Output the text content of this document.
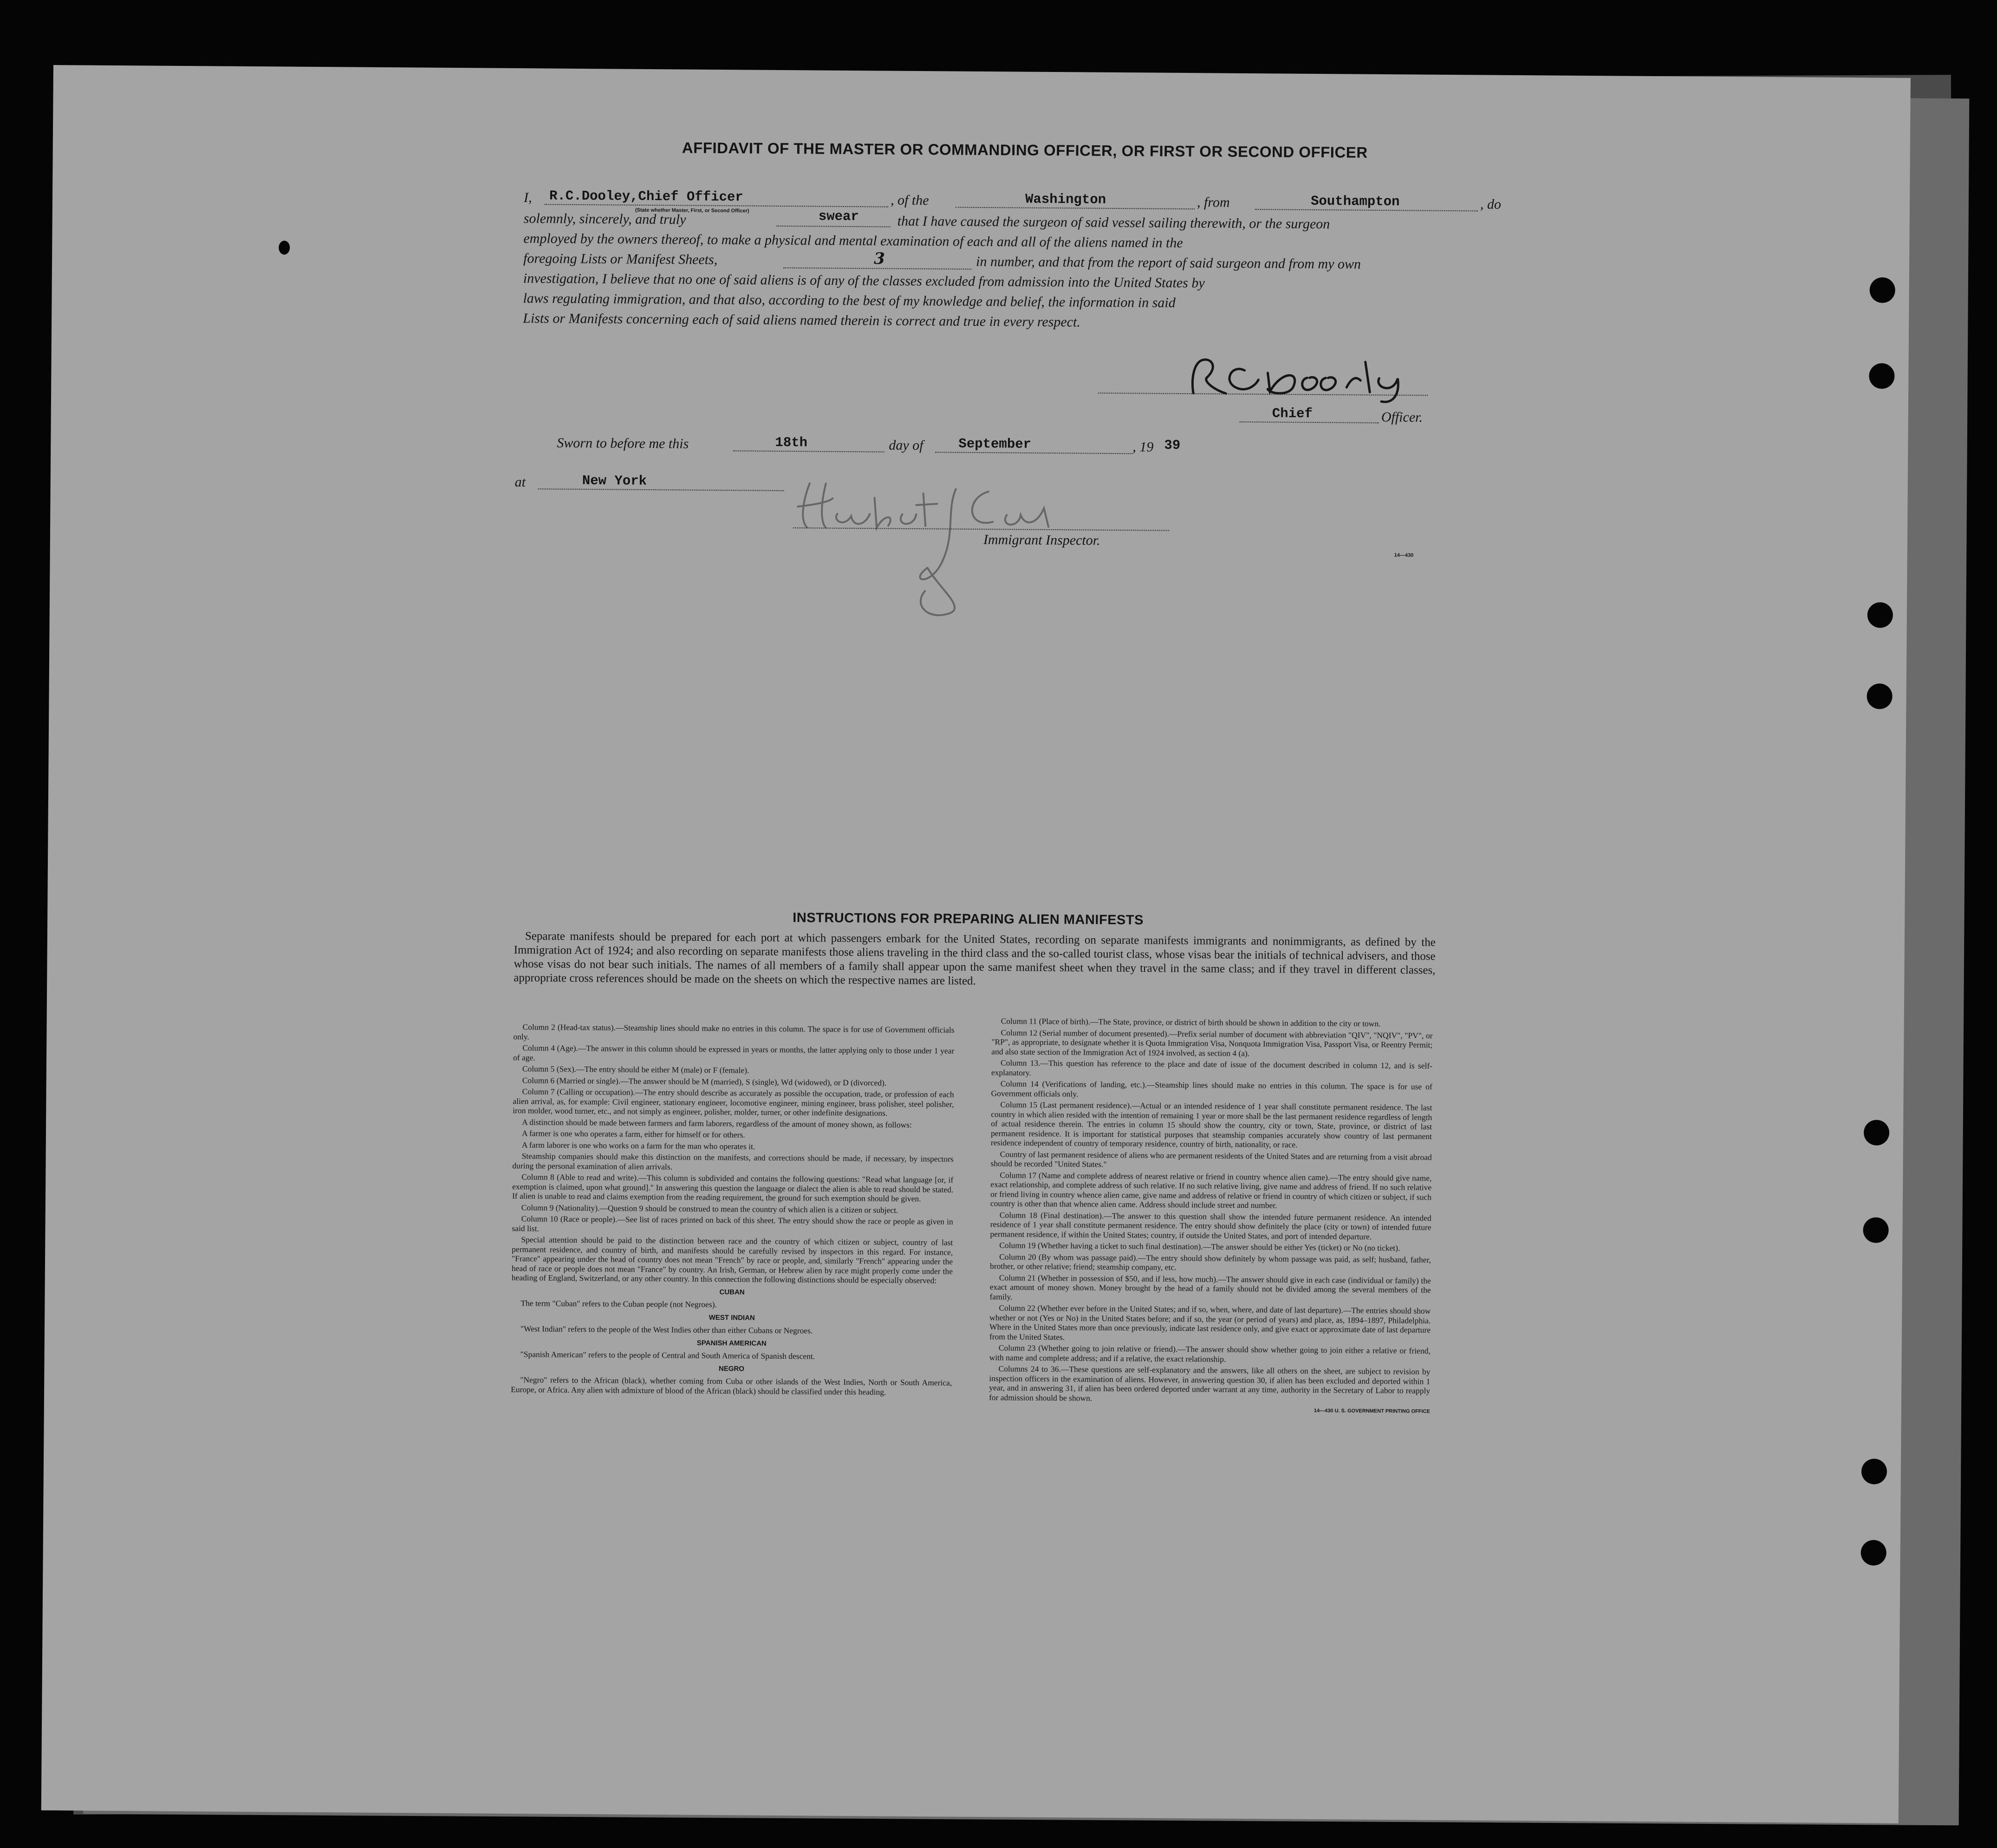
AFFIDAVIT OF THE MASTER OR COMMANDING OFFICER, OR FIRST OR SECOND OFFICER
I, R.C.Dooley,Chief Officer
(State whether Master, First, or Second Officer)
, of the	Washington	, from	Southampton	, do
solemnly, sincerely, and truly	swear	that I have caused the surgeon of said vessel sailing therewith, or the surgeon
employed by the owners thereof, to make a physical and mental examination of each and all of the aliens named in the
foregoing Lists or Manifest Sheets,	3	in number, and that from the report of said surgeon and from my own
investigation, I believe that no one of said aliens is of any of the classes excluded from admission into the United States by
laws regulating immigration, and that also, according to the best of my knowledge and belief, the information in said
Lists or Manifests concerning each of said aliens named therein is correct and true in every respect.
Chief	Officer.
Sworn to before me this	18th	day of	September	, 19 39
at	New York
Immigrant Inspector.
14—430
INSTRUCTIONS FOR PREPARING ALIEN MANIFESTS

Separate manifests should be prepared for each port at which passengers embark for the United States, recording on separate manifests immigrants and nonimmigrants, as defined by the Immigration Act of 1924; and also recording on separate manifests those aliens traveling in the third class and the so-called tourist class, whose visas bear the initials of technical advisers, and those whose visas do not bear such initials. The names of all members of a family shall appear upon the same manifest sheet when they travel in the same class; and if they travel in different classes, appropriate cross references should be made on the sheets on which the respective names are listed.

Column 2 (Head-tax status).—Steamship lines should make no entries in this column. The space is for use of Government officials only.

Column 4 (Age).—The answer in this column should be expressed in years or months, the latter applying only to those under 1 year of age.

Column 5 (Sex).—The entry should be either M (male) or F (female).

Column 6 (Married or single).—The answer should be M (married), S (single), Wd (widowed), or D (divorced).

Column 7 (Calling or occupation).—The entry should describe as accurately as possible the occupation, trade, or profession of each alien arrival, as, for example: Civil engineer, stationary engineer, locomotive engineer, mining engineer, brass polisher, steel polisher, iron molder, wood turner, etc., and not simply as engineer, polisher, molder, turner, or other indefinite designations.

A distinction should be made between farmers and farm laborers, regardless of the amount of money shown, as follows:

A farmer is one who operates a farm, either for himself or for others.

A farm laborer is one who works on a farm for the man who operates it.

Steamship companies should make this distinction on the manifests, and corrections should be made, if necessary, by inspectors during the personal examination of alien arrivals.

Column 8 (Able to read and write).—This column is subdivided and contains the following questions: "Read what language [or, if exemption is claimed, upon what ground]." In answering this question the language or dialect the alien is able to read should be stated. If alien is unable to read and claims exemption from the reading requirement, the ground for such exemption should be given.

Column 9 (Nationality).—Question 9 should be construed to mean the country of which alien is a citizen or subject.

Column 10 (Race or people).—See list of races printed on back of this sheet. The entry should show the race or people as given in said list.

Special attention should be paid to the distinction between race and the country of which citizen or subject, country of last permanent residence, and country of birth, and manifests should be carefully revised by inspectors in this regard. For instance, "France" appearing under the head of country does not mean "French" by race or people, and, similarly "French" appearing under the head of race or people does not mean "France" by country. An Irish, German, or Hebrew alien by race might properly come under the heading of England, Switzerland, or any other country. In this connection the following distinctions should be especially observed:

CUBAN

The term "Cuban" refers to the Cuban people (not Negroes).

WEST INDIAN

"West Indian" refers to the people of the West Indies other than either Cubans or Negroes.

SPANISH AMERICAN

"Spanish American" refers to the people of Central and South America of Spanish descent.

NEGRO

"Negro" refers to the African (black), whether coming from Cuba or other islands of the West Indies, North or South America, Europe, or Africa. Any alien with admixture of blood of the African (black) should be classified under this heading.

Column 11 (Place of birth).—The State, province, or district of birth should be shown in addition to the city or town.

Column 12 (Serial number of document presented).—Prefix serial number of document with abbreviation "QIV", "NQIV", "PV", or "RP", as appropriate, to designate whether it is Quota Immigration Visa, Nonquota Immigration Visa, Passport Visa, or Reentry Permit; and also state section of the Immigration Act of 1924 involved, as section 4 (a).

Column 13.—This question has reference to the place and date of issue of the document described in column 12, and is self-explanatory.

Column 14 (Verifications of landing, etc.).—Steamship lines should make no entries in this column. The space is for use of Government officials only.

Column 15 (Last permanent residence).—Actual or an intended residence of 1 year shall constitute permanent residence. The last country in which alien resided with the intention of remaining 1 year or more shall be the last permanent residence regardless of length of actual residence therein. The entries in column 15 should show the country, city or town, State, province, or district of last permanent residence. It is important for statistical purposes that steamship companies accurately show country of last permanent residence independent of country of temporary residence, country of birth, nationality, or race.

Country of last permanent residence of aliens who are permanent residents of the United States and are returning from a visit abroad should be recorded "United States."

Column 17 (Name and complete address of nearest relative or friend in country whence alien came).—The entry should give name, exact relationship, and complete address of such relative. If no such relative living, give name and address of friend. If no such relative or friend living in country whence alien came, give name and address of relative or friend in country of which citizen or subject, if such country is other than that whence alien came. Address should include street and number.

Column 18 (Final destination).—The answer to this question shall show the intended future permanent residence. An intended residence of 1 year shall constitute permanent residence. The entry should show definitely the place (city or town) of intended future permanent residence, if within the United States; country, if outside the United States, and port of intended departure.

Column 19 (Whether having a ticket to such final destination).—The answer should be either Yes (ticket) or No (no ticket).

Column 20 (By whom was passage paid).—The entry should show definitely by whom passage was paid, as self; husband, father, brother, or other relative; friend; steamship company, etc.

Column 21 (Whether in possession of $50, and if less, how much).—The answer should give in each case (individual or family) the exact amount of money shown. Money brought by the head of a family should not be divided among the several members of the family.

Column 22 (Whether ever before in the United States; and if so, when, where, and date of last departure).—The entries should show whether or not (Yes or No) in the United States before; and if so, the year (or period of years) and place, as, 1894–1897, Philadelphia. Where in the United States more than once previously, indicate last residence only, and give exact or approximate date of last departure from the United States.

Column 23 (Whether going to join relative or friend).—The answer should show whether going to join either a relative or friend, with name and complete address; and if a relative, the exact relationship.

Columns 24 to 36.—These questions are self-explanatory and the answers, like all others on the sheet, are subject to revision by inspection officers in the examination of aliens. However, in answering question 30, if alien has been excluded and deported within 1 year, and in answering 31, if alien has been ordered deported under warrant at any time, authority in the Secretary of Labor to reapply for admission should be shown.

14—430 U. S. GOVERNMENT PRINTING OFFICE
